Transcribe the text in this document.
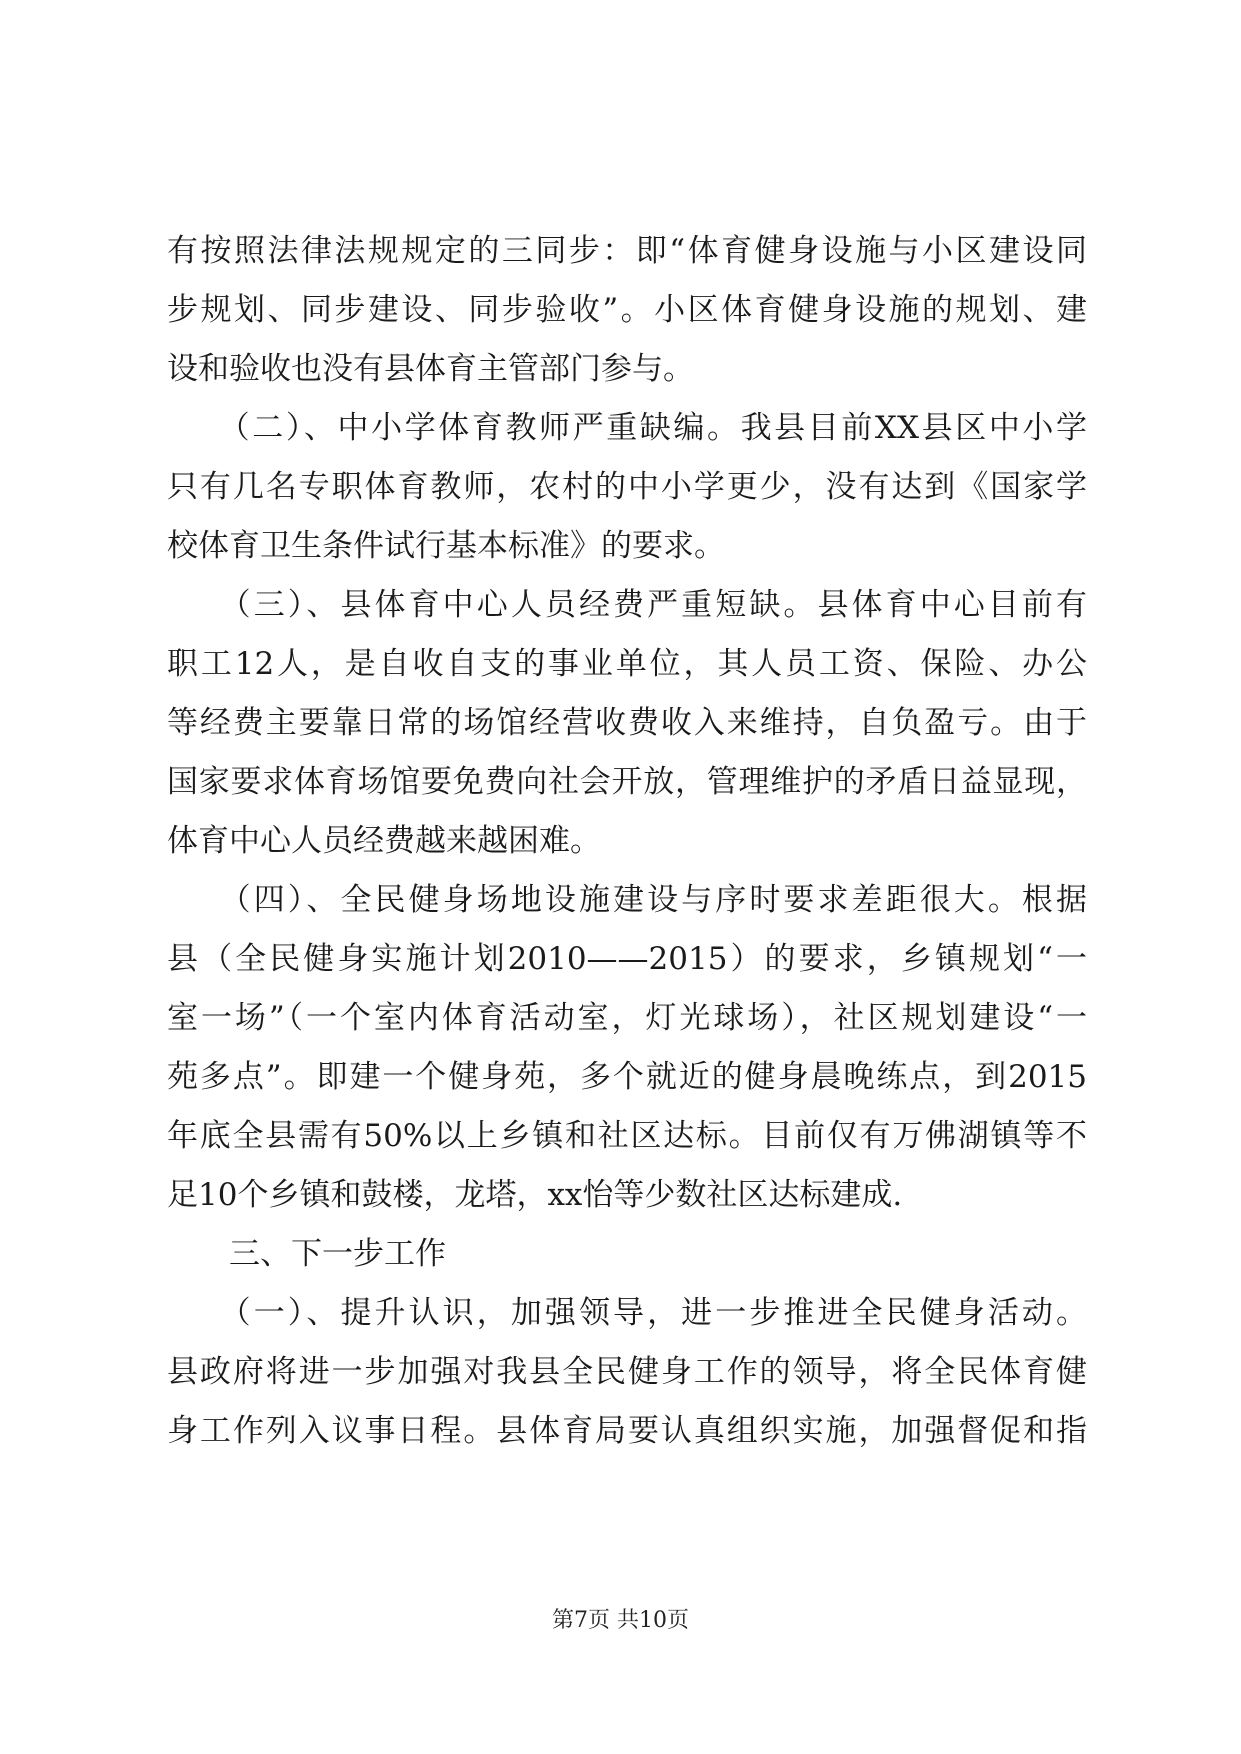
有按照法律法规规定的三同步：即“体育健身设施与小区建设同
步规划、同步建设、同步验收”。小区体育健身设施的规划、建
设和验收也没有县体育主管部门参与。
　　（二）、中小学体育教师严重缺编。我县目前XX县区中小学
只有几名专职体育教师，农村的中小学更少，没有达到《国家学
校体育卫生条件试行基本标准》的要求。
　　（三）、县体育中心人员经费严重短缺。县体育中心目前有
职工12人，是自收自支的事业单位，其人员工资、保险、办公
等经费主要靠日常的场馆经营收费收入来维持，自负盈亏。由于
国家要求体育场馆要免费向社会开放，管理维护的矛盾日益显现，
体育中心人员经费越来越困难。
　　（四）、全民健身场地设施建设与序时要求差距很大。根据
县（全民健身实施计划2010——2015）的要求，乡镇规划“一
室一场”（一个室内体育活动室，灯光球场），社区规划建设“一
苑多点”。即建一个健身苑，多个就近的健身晨晚练点，到2015
年底全县需有50%以上乡镇和社区达标。目前仅有万佛湖镇等不
足10个乡镇和鼓楼，龙塔，xx怡等少数社区达标建成.
　　三、下一步工作
　　（一）、提升认识，加强领导，进一步推进全民健身活动。
县政府将进一步加强对我县全民健身工作的领导，将全民体育健
身工作列入议事日程。县体育局要认真组织实施，加强督促和指
第7页 共10页
